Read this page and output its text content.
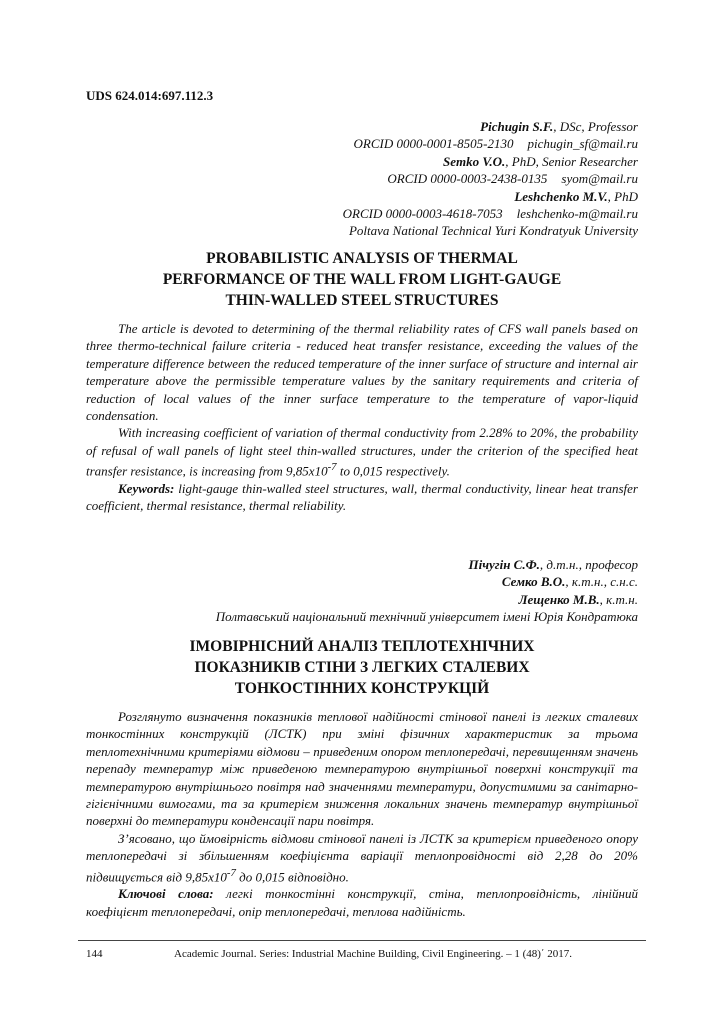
UDS 624.014:697.112.3
Pichugin S.F., DSc, Professor
ORCID 0000-0001-8505-2130 pichugin_sf@mail.ru
Semko V.O., PhD, Senior Researcher
ORCID 0000-0003-2438-0135 syom@mail.ru
Leshchenko M.V., PhD
ORCID 0000-0003-4618-7053 leshchenko-m@mail.ru
Poltava National Technical Yuri Kondratyuk University
PROBABILISTIC ANALYSIS OF THERMAL
PERFORMANCE OF THE WALL FROM LIGHT-GAUGE
THIN-WALLED STEEL STRUCTURES

The article is devoted to determining of the thermal reliability rates of CFS wall panels based on three thermo-technical failure criteria - reduced heat transfer resistance, exceeding the values of the temperature difference between the reduced temperature of the inner surface of structure and internal air temperature above the permissible temperature values by the sanitary requirements and criteria of reduction of local values of the inner surface temperature to the temperature of vapor-liquid condensation.

With increasing coefficient of variation of thermal conductivity from 2.28% to 20%, the probability of refusal of wall panels of light steel thin-walled structures, under the criterion of the specified heat transfer resistance, is increasing from $9,85x10^{-7}$ to 0,015 respectively.

Keywords: light-gauge thin-walled steel structures, wall, thermal conductivity, linear heat transfer coefficient, thermal resistance, thermal reliability.

Пічугін С.Ф., д.т.н., професор
Семко В.О., к.т.н., с.н.с.
Лещенко М.В., к.т.н.
Полтавський національний технічний університет імені Юрія Кондратюка
ІМОВІРНІСНИЙ АНАЛІЗ ТЕПЛОТЕХНІЧНИХ
ПОКАЗНИКІВ СТІНИ З ЛЕГКИХ СТАЛЕВИХ
ТОНКОСТІННИХ КОНСТРУКЦІЙ

Розглянуто визначення показників теплової надійності стінової панелі із легких сталевих тонкостінних конструкцій (ЛСТК) при зміні фізичних характеристик за трьома теплотехнічними критеріями відмови – приведеним опором теплопередачі, перевищенням значень перепаду температур між приведеною температурою внутрішньої поверхні конструкції та температурою внутрішнього повітря над значеннями температури, допустимими за санітарно-гігієнічними вимогами, та за критерієм зниження локальних значень температур внутрішньої поверхні до температури конденсації пари повітря.

З’ясовано, що ймовірність відмови стінової панелі із ЛСТК за критерієм приведеного опору теплопередачі зі збільшенням коефіцієнта варіації теплопровідності від 2,28 до 20% підвищується від $9,85x10^{-7}$ до 0,015 відповідно.

Ключові слова: легкі тонкостінні конструкції, стіна, теплопровідність, лінійний коефіцієнт теплопередачі, опір теплопередачі, теплова надійність.

144	Academic Journal. Series: Industrial Machine Building, Civil Engineering. – 1 (48)΄ 2017.
